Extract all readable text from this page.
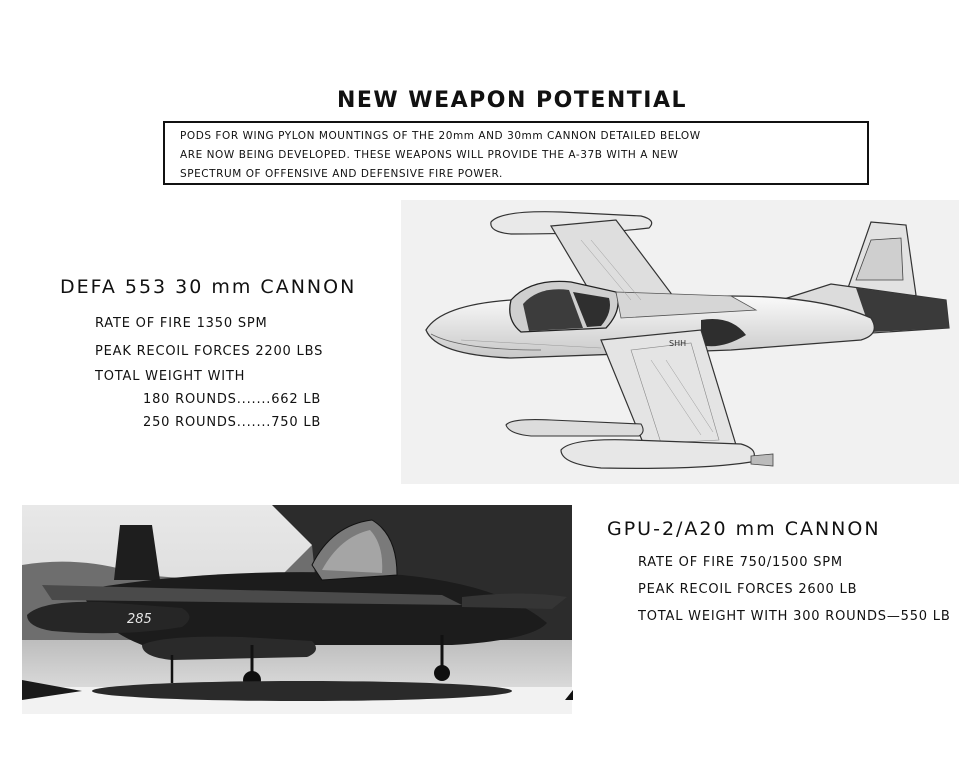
NEW WEAPON POTENTIAL
PODS FOR WING PYLON MOUNTINGS OF THE 20mm AND 30mm CANNON DETAILED BELOW
ARE NOW BEING DEVELOPED. THESE WEAPONS WILL PROVIDE THE A-37B WITH A NEW
SPECTRUM OF OFFENSIVE AND DEFENSIVE FIRE POWER.
DEFA 553 30 mm CANNON
RATE OF FIRE 1350 SPM
PEAK RECOIL FORCES 2200 LBS
TOTAL WEIGHT WITH
180 ROUNDS.......662 LB
250 ROUNDS.......750 LB
GPU-2/A20 mm CANNON
RATE OF FIRE 750/1500 SPM
PEAK RECOIL FORCES 2600 LB
TOTAL WEIGHT WITH 300 ROUNDS—550 LB
SHH
285
